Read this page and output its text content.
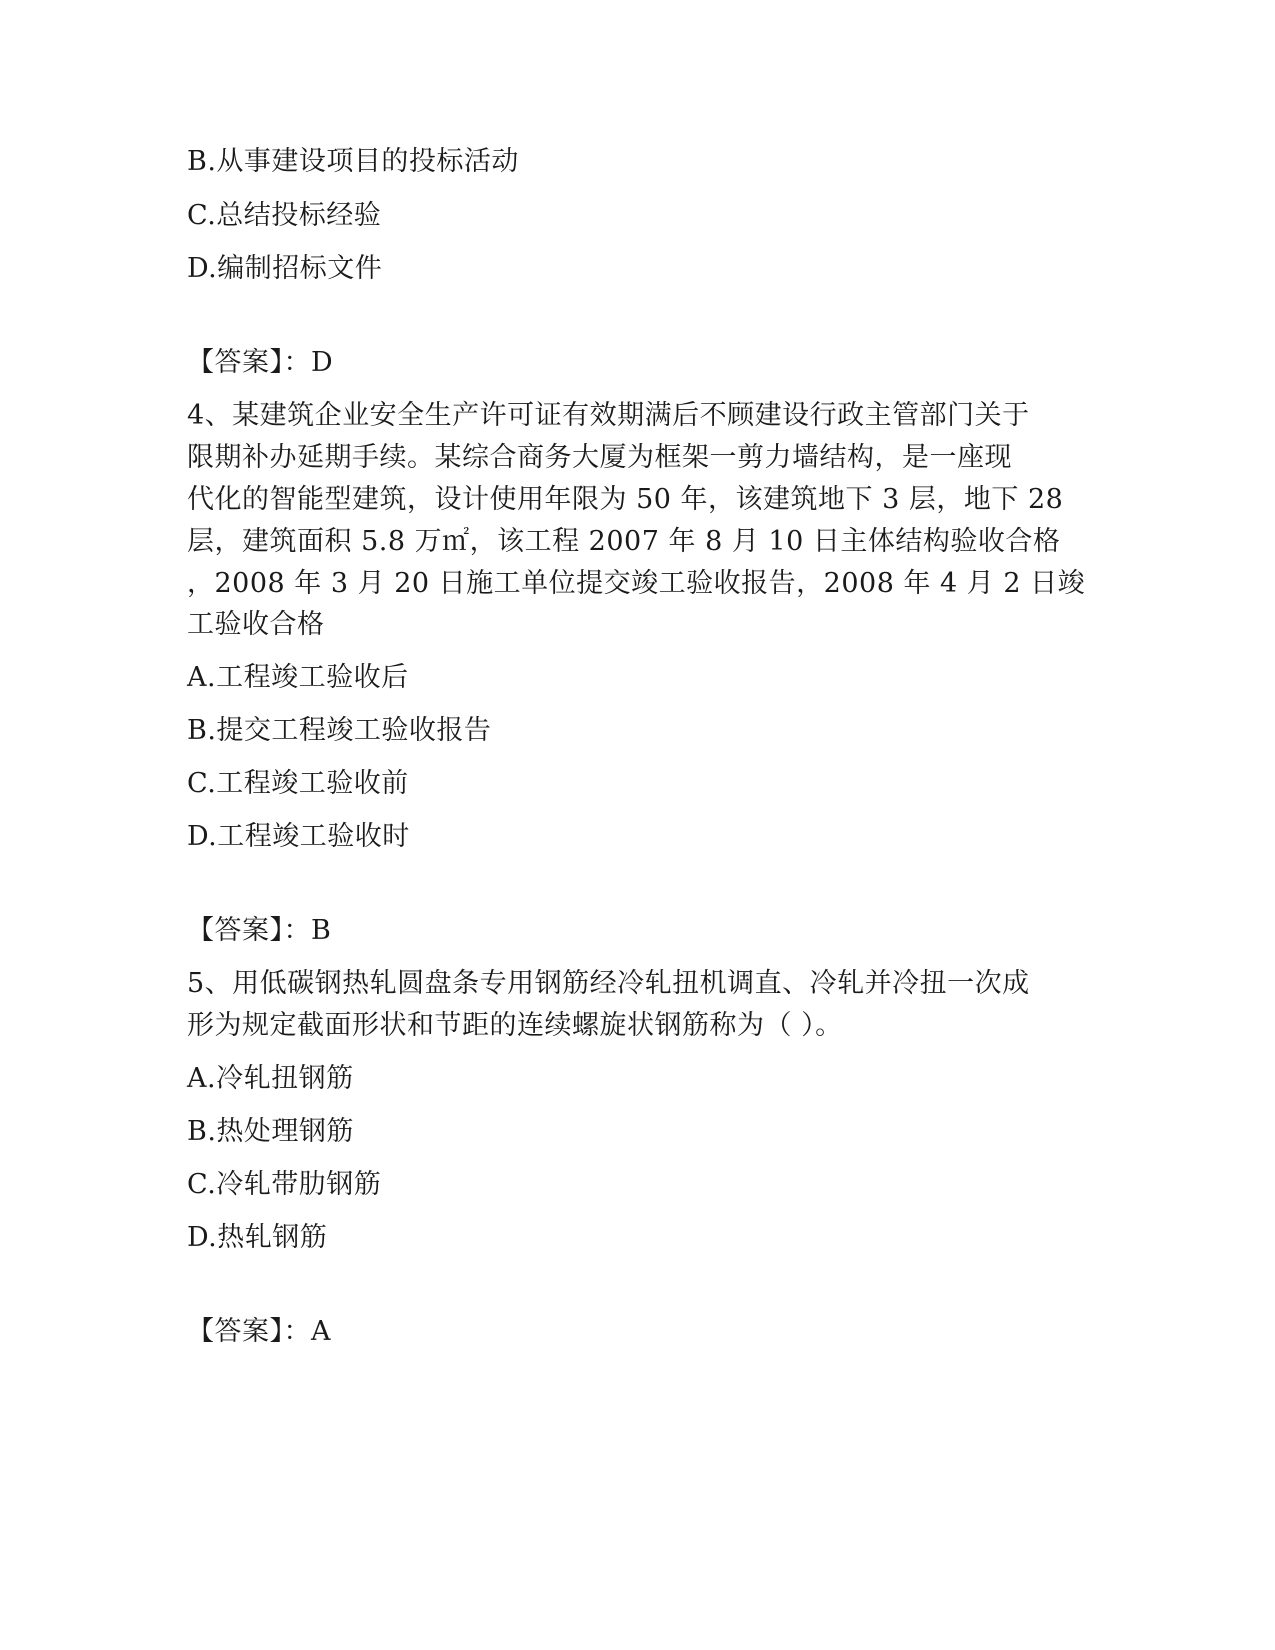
B.从事建设项目的投标活动
C.总结投标经验
D.编制招标文件
【答案】：D
4、某建筑企业安全生产许可证有效期满后不顾建设行政主管部门关于
限期补办延期手续。某综合商务大厦为框架一剪力墙结构，是一座现
代化的智能型建筑，设计使用年限为 50 年，该建筑地下 3 层，地下 28
层，建筑面积 5.8 万㎡，该工程 2007 年 8 月 10 日主体结构验收合格
，2008 年 3 月 20 日施工单位提交竣工验收报告，2008 年 4 月 2 日竣
工验收合格
A.工程竣工验收后
B.提交工程竣工验收报告
C.工程竣工验收前
D.工程竣工验收时
【答案】：B
5、用低碳钢热轧圆盘条专用钢筋经冷轧扭机调直、冷轧并冷扭一次成
形为规定截面形状和节距的连续螺旋状钢筋称为（ ）。
A.冷轧扭钢筋
B.热处理钢筋
C.冷轧带肋钢筋
D.热轧钢筋
【答案】：A
